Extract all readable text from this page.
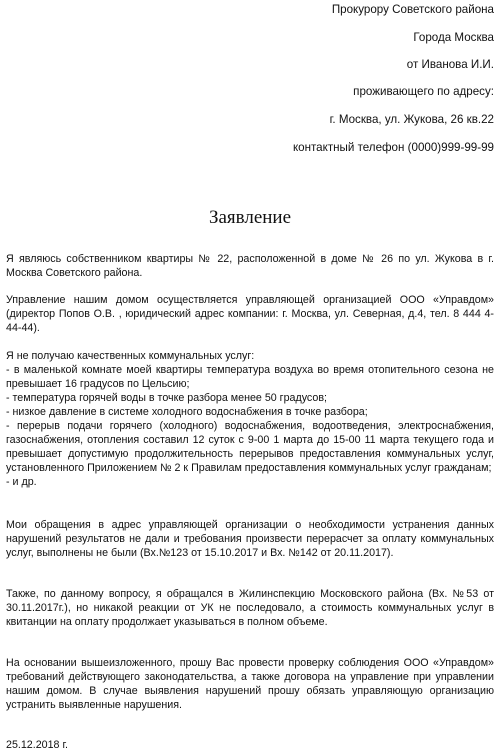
Прокурору Советского района
Города Москва
от Иванова И.И.
проживающего по адресу:
г. Москва, ул. Жукова, 26 кв.22
контактный телефон (0000)999-99-99
Заявление

Я являюсь собственником квартиры № 22, расположенной в доме № 26 по ул. Жукова в г. Москва Советского района.

Управление нашим домом осуществляется управляющей организацией ООО «Управдом» (директор Попов О.В. , юридический адрес компании: г. Москва, ул. Северная, д.4, тел. 8 444 4-44-44).

Я не получаю качественных коммунальных услуг:
- в маленькой комнате моей квартиры температура воздуха во время отопительного сезона не превышает 16 градусов по Цельсию;
- температура горячей воды в точке разбора менее 50 градусов;
- низкое давление в системе холодного водоснабжения в точке разбора;
- перерыв подачи горячего (холодного) водоснабжения, водоотведения, электроснабжения, газоснабжения, отопления составил 12 суток с 9-00 1 марта до 15-00 11 марта текущего года и превышает допустимую продолжительность перерывов предоставления коммунальных услуг, установленного Приложением № 2 к Правилам предоставления коммунальных услуг гражданам;
- и др.

Мои обращения в адрес управляющей организации о необходимости устранения данных нарушений результатов не дали и требования произвести перерасчет за оплату коммунальных услуг, выполнены не были (Вх.№123 от 15.10.2017 и Вх. №142 от 20.11.2017).

Также, по данному вопросу, я обращался в Жилинспекцию Московского района (Вх. №53 от 30.11.2017г.), но никакой реакции от УК не последовало, а стоимость коммунальных услуг в квитанции на оплату продолжает указываться в полном объеме.

На основании вышеизложенного, прошу Вас провести проверку соблюдения ООО «Управдом» требований действующего законодательства, а также договора на управление при управлении нашим домом. В случае выявления нарушений прошу обязать управляющую организацию устранить выявленные нарушения.

25.12.2018 г.
